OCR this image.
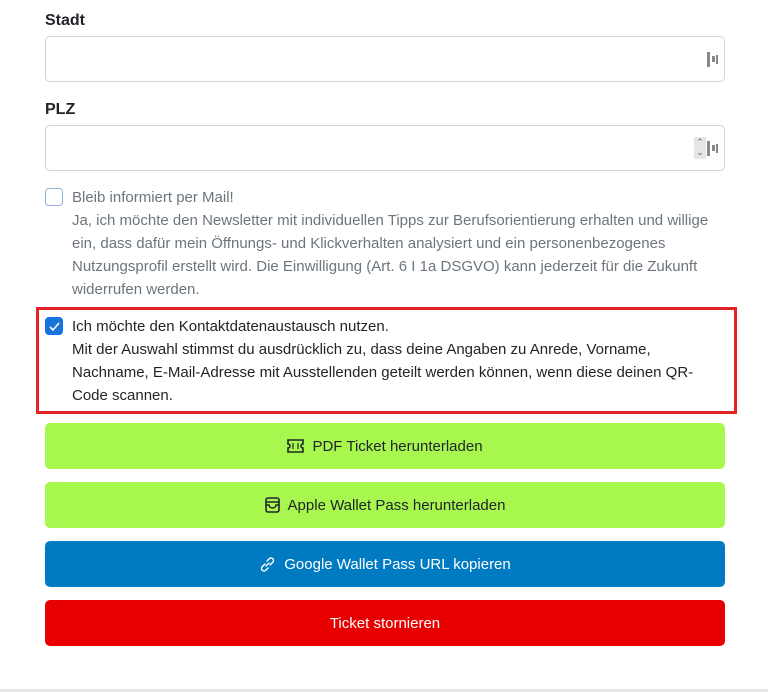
Stadt
PLZ
⌃
⌄
Bleib informiert per Mail!
Ja, ich möchte den Newsletter mit individuellen Tipps zur Berufsorientierung erhalten und willige ein, dass dafür mein Öffnungs- und Klickverhalten analysiert und ein personenbezogenes Nutzungsprofil erstellt wird. Die Einwilligung (Art. 6 I 1a DSGVO) kann jederzeit für die Zukunft widerrufen werden.
Ich möchte den Kontaktdatenaustausch nutzen.
Mit der Auswahl stimmst du ausdrücklich zu, dass deine Angaben zu Anrede, Vorname, Nachname, E-Mail-Adresse mit Ausstellenden geteilt werden können, wenn diese deinen QR-Code scannen.
PDF Ticket herunterladen
Apple Wallet Pass herunterladen
Google Wallet Pass URL kopieren
Ticket stornieren
